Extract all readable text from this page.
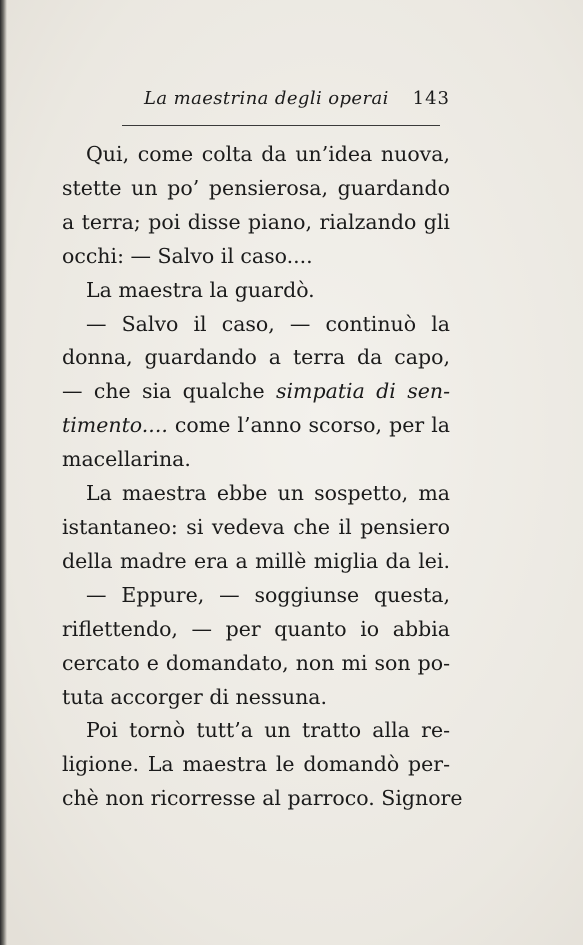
La maestrina degli operai 143
Qui, come colta da un’idea nuova,
stette un po’ pensierosa, guardando
a terra; poi disse piano, rialzando gli
occhi: — Salvo il caso....
La maestra la guardò.
— Salvo il caso, — continuò la
donna, guardando a terra da capo,
— che sia qualche simpatia di sen-
timento.... come l’anno scorso, per la
macellarina.
La maestra ebbe un sospetto, ma
istantaneo: si vedeva che il pensiero
della madre era a millè miglia da lei.
— Eppure, — soggiunse questa,
riflettendo, — per quanto io abbia
cercato e domandato, non mi son po-
tuta accorger di nessuna.
Poi tornò tutt’a un tratto alla re-
ligione. La maestra le domandò per-
chè non ricorresse al parroco. Signore
